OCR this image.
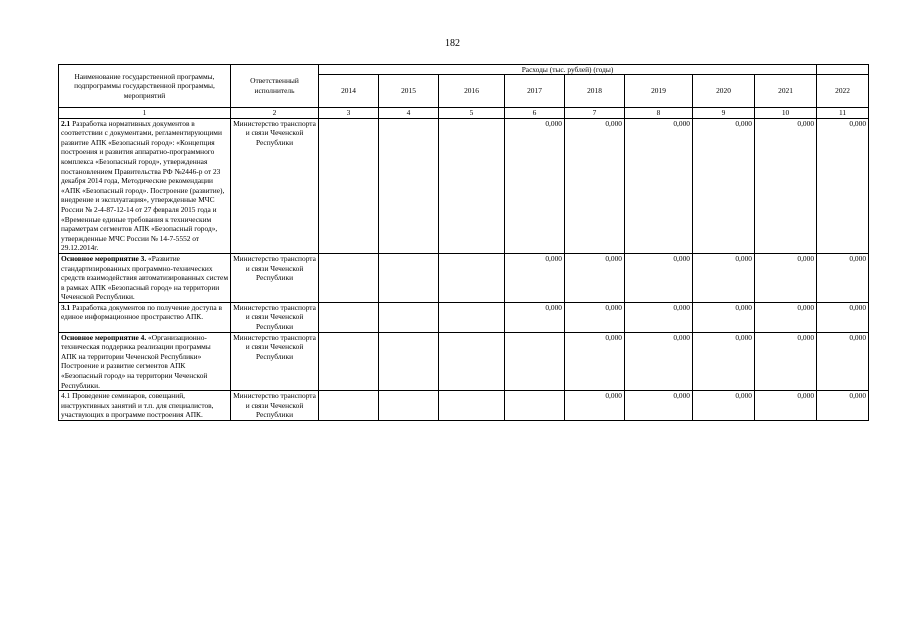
182
Наименование государственной программы, подпрограммы государственной программы, мероприятий	Ответственный исполнитель	Расходы (тыс. рублей) (годы)								
		2014	2015	2016	2017	2018	2019	2020	2021	2022
1	2	3	4	5	6	7	8	9	10	11
2.1 Разработка нормативных документов в соответствии с документами, регламентирующими развитие АПК «Безопасный город»: «Концепция построения и развития аппаратно-программного комплекса «Безопасный город», утвержденная постановлением Правительства РФ №2446-р от 23 декабря 2014 года, Методические рекомендации «АПК «Безопасный город». Построение (развитие), внедрение и эксплуатация», утвержденные МЧС России № 2-4-87-12-14 от 27 февраля 2015 года и «Временные единые требования к техническим параметрам сегментов АПК «Безопасный город», утвержденные МЧС России № 14-7-5552 от 29.12.2014г.	Министерство транспорта и связи Чеченской Республики				0,000	0,000	0,000	0,000	0,000	0,000
Основное мероприятие 3. «Развитие стандартизированных программно-технических средств взаимодействия автоматизированных систем в рамках АПК «Безопасный город» на территории Чеченской Республики.	Министерство транспорта и связи Чеченской Республики				0,000	0,000	0,000	0,000	0,000	0,000
3.1 Разработка документов по получение доступа в единое информационное пространство АПК.	Министерство транспорта и связи Чеченской Республики				0,000	0,000	0,000	0,000	0,000	0,000
Основное мероприятие 4. «Организационно-техническая поддержка реализации программы АПК на территории Чеченской Республики» Построение и развитие сегментов АПК «Безопасный город» на территории Чеченской Республики.	Министерство транспорта и связи Чеченской Республики					0,000	0,000	0,000	0,000	0,000
4.1 Проведение семинаров, совещаний, инструктивных занятий и т.п. для специалистов, участвующих в программе построения АПК.	Министерство транспорта и связи Чеченской Республики					0,000	0,000	0,000	0,000	0,000
